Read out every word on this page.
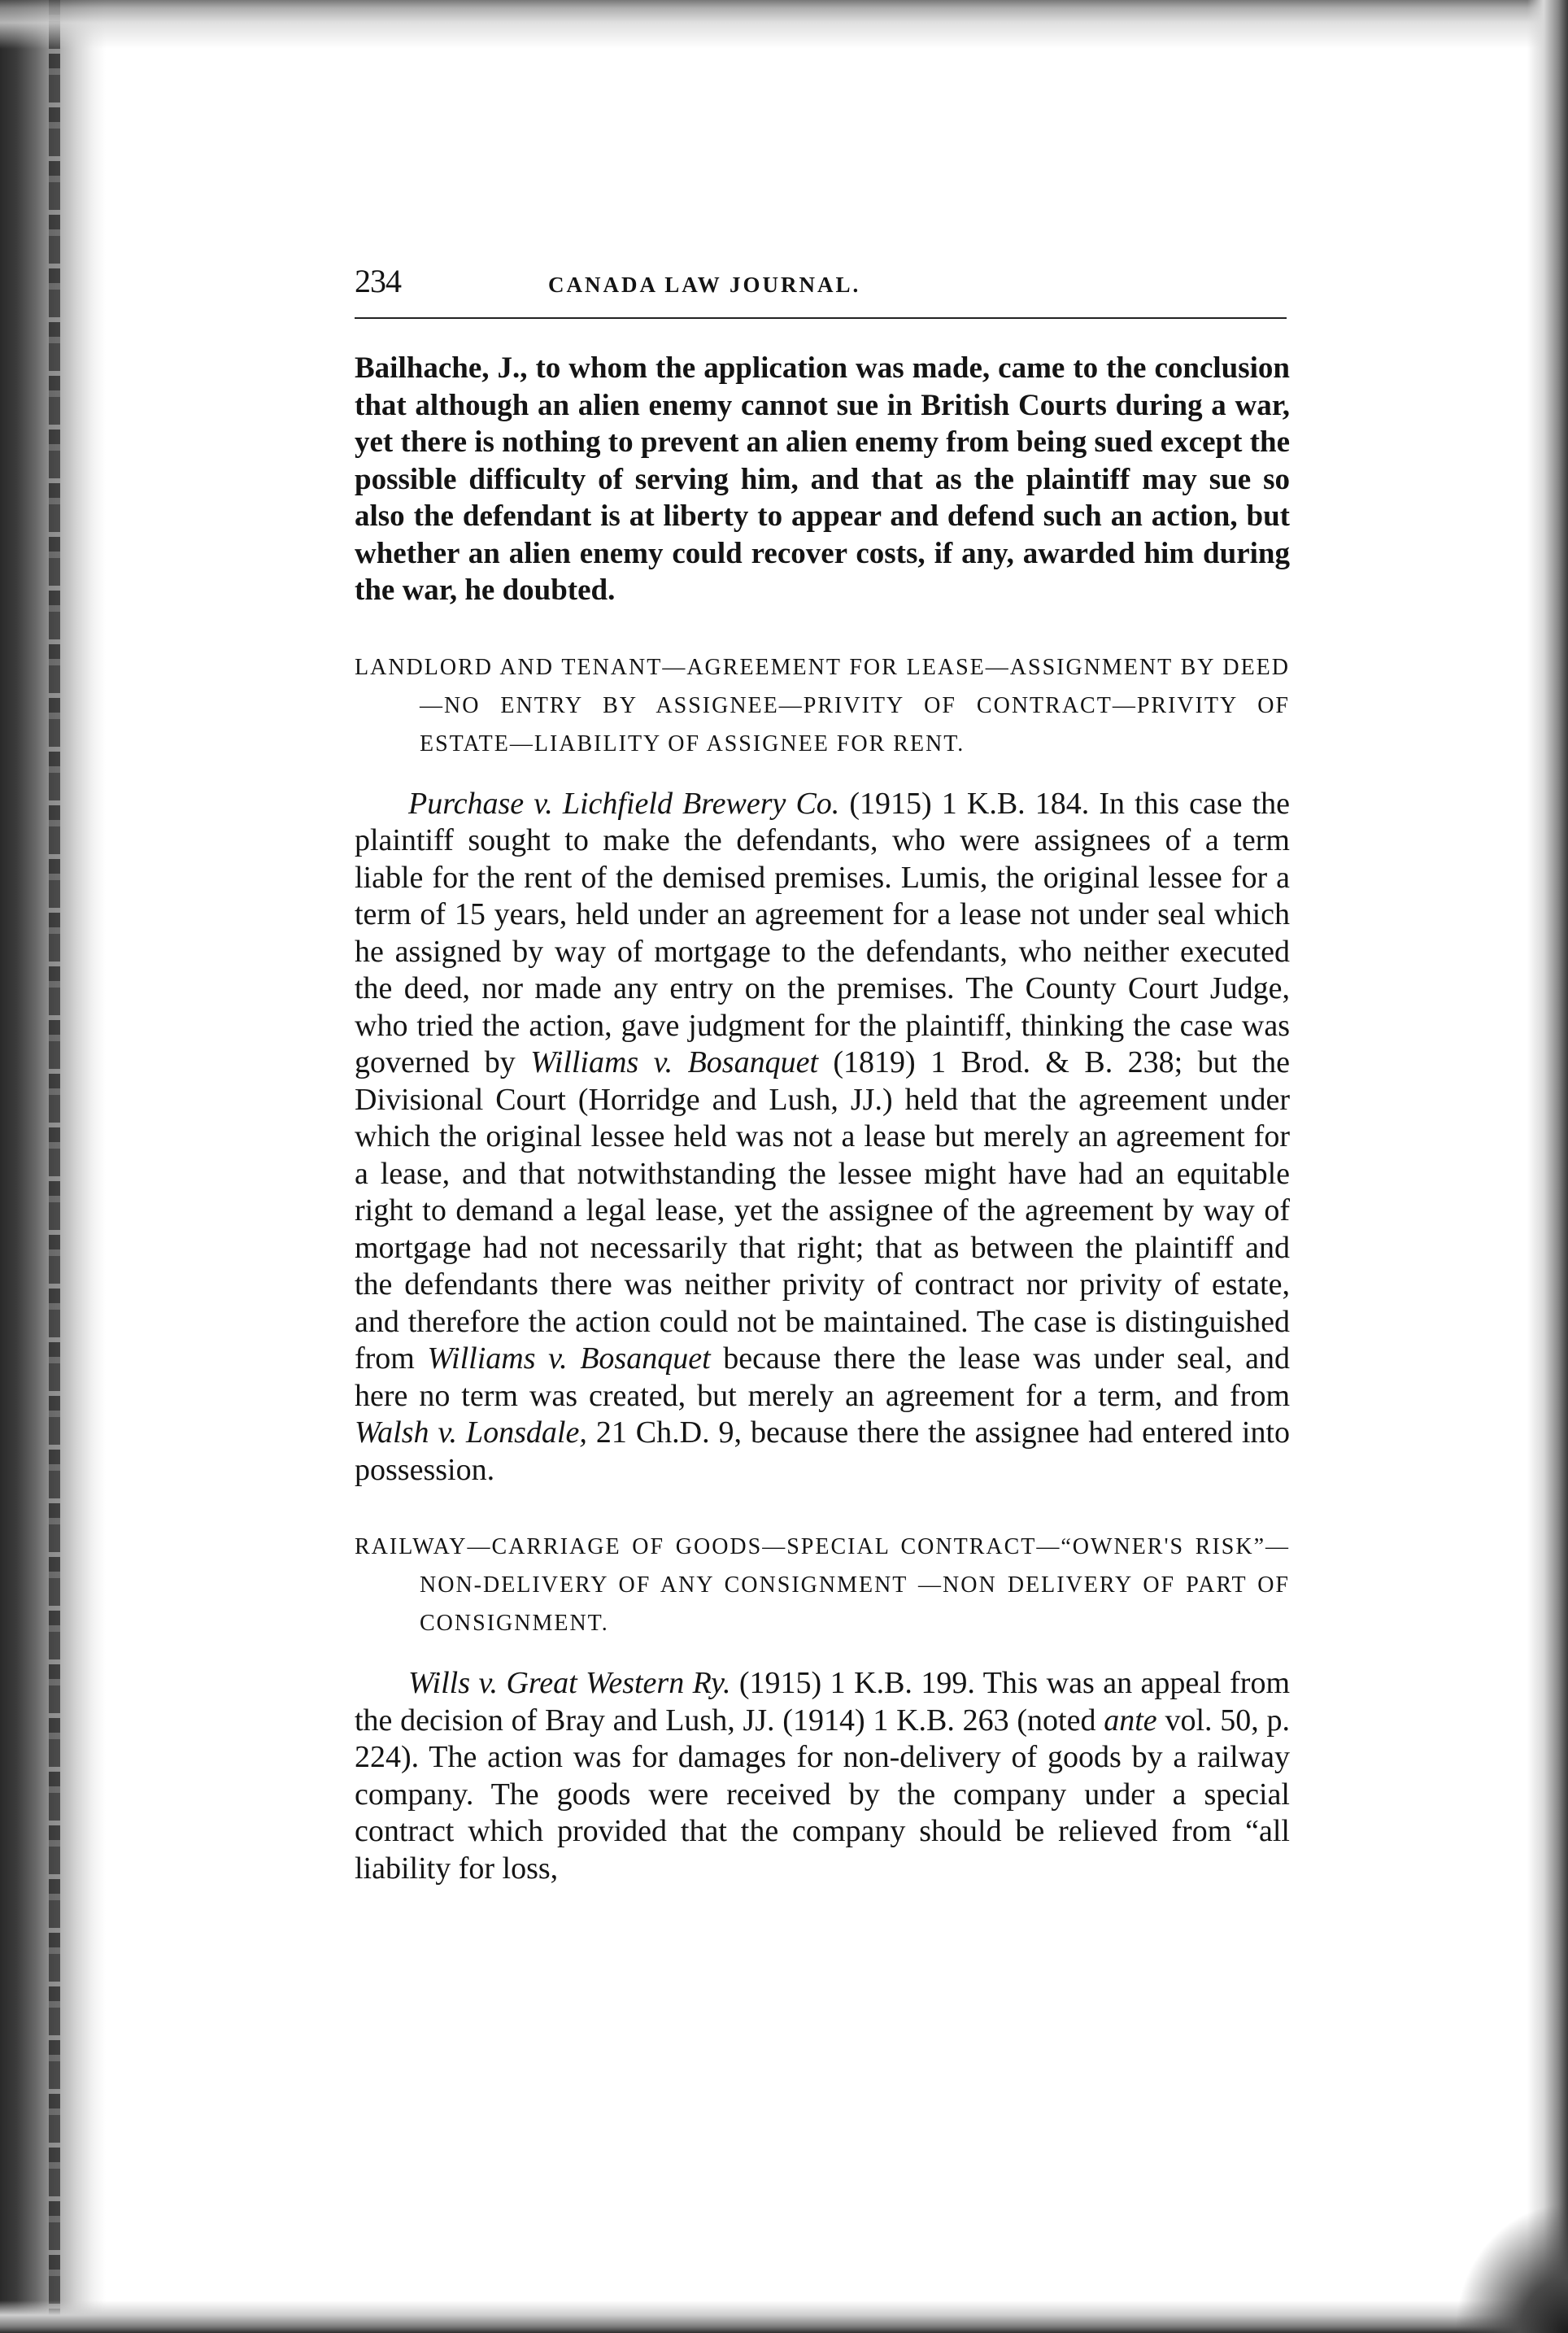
234	CANADA LAW JOURNAL.

Bailhache, J., to whom the application was made, came to the conclusion that although an alien enemy cannot sue in British Courts during a war, yet there is nothing to prevent an alien enemy from being sued except the possible difficulty of serving him, and that as the plaintiff may sue so also the defendant is at liberty to appear and defend such an action, but whether an alien enemy could recover costs, if any, awarded him during the war, he doubted.

LANDLORD AND TENANT—AGREEMENT FOR LEASE—ASSIGNMENT BY DEED—NO ENTRY BY ASSIGNEE—PRIVITY OF CONTRACT—PRIVITY OF ESTATE—LIABILITY OF ASSIGNEE FOR RENT.

Purchase v. Lichfield Brewery Co. (1915) 1 K.B. 184. In this case the plaintiff sought to make the defendants, who were assignees of a term liable for the rent of the demised premises. Lumis, the original lessee for a term of 15 years, held under an agreement for a lease not under seal which he assigned by way of mortgage to the defendants, who neither executed the deed, nor made any entry on the premises. The County Court Judge, who tried the action, gave judgment for the plaintiff, thinking the case was governed by Williams v. Bosanquet (1819) 1 Brod. & B. 238; but the Divisional Court (Horridge and Lush, JJ.) held that the agreement under which the original lessee held was not a lease but merely an agreement for a lease, and that notwithstanding the lessee might have had an equitable right to demand a legal lease, yet the assignee of the agreement by way of mortgage had not necessarily that right; that as between the plaintiff and the defendants there was neither privity of contract nor privity of estate, and therefore the action could not be maintained. The case is distinguished from Williams v. Bosanquet because there the lease was under seal, and here no term was created, but merely an agreement for a term, and from Walsh v. Lonsdale, 21 Ch.D. 9, because there the assignee had entered into possession.

RAILWAY—CARRIAGE OF GOODS—SPECIAL CONTRACT—“OWNER'S RISK”—NON-DELIVERY OF ANY CONSIGNMENT —NON DELIVERY OF PART OF CONSIGNMENT.

Wills v. Great Western Ry. (1915) 1 K.B. 199. This was an appeal from the decision of Bray and Lush, JJ. (1914) 1 K.B. 263 (noted ante vol. 50, p. 224). The action was for damages for non-delivery of goods by a railway company. The goods were received by the company under a special contract which provided that the company should be relieved from “all liability for loss,
